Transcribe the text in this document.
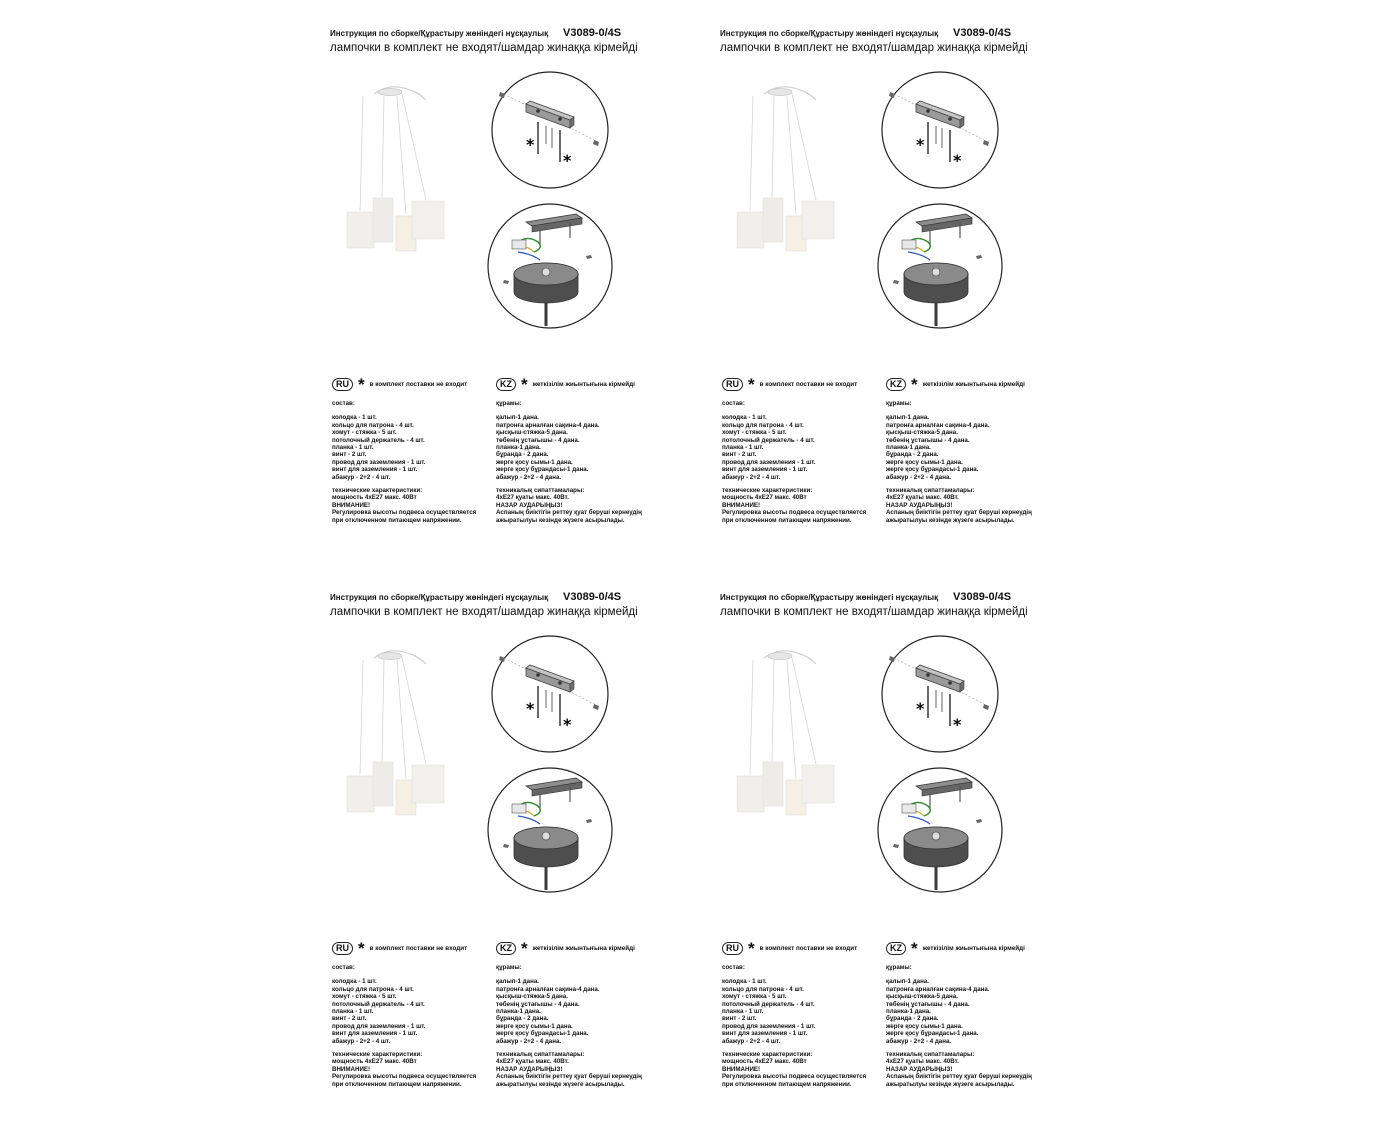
Инструкция по сборке/Құрастыру жөніндегі нұсқаулық V3089-0/4S
лампочки в комплект не входят/шамдар жинаққа кірмейді
*
*
RU * в комплект поставки не входит	KZ * жеткізілім жиынтығына кірмейді
состав:
колодка - 1 шт.
кольцо для патрона - 4 шт.
хомут - стяжка - 5 шт.
потолочный держатель - 4 шт.
планка - 1 шт.
винт - 2 шт.
провод для заземления - 1 шт.
винт для заземления - 1 шт.
абажур - 2+2 - 4 шт.
технические характеристики:
мощность 4хЕ27 макс. 40Вт
ВНИМАНИЕ!
Регулировка высоты подвеса осуществляется
при отключенном питающем напряжении.
құрамы:
қалып-1 дана.
патронға арналған сақина-4 дана.
қысқыш-стяжка-5 дана.
төбенің ұстағышы - 4 дана.
планка-1 дана.
бұранда - 2 дана.
жерге қосу сымы-1 дана.
жерге қосу бұрандасы-1 дана.
абажур - 2+2 - 4 дана.
техникалық сипаттамалары:
4хЕ27 қуаты макс. 40Вт.
НАЗАР АУДАРЫҢЫЗ!
Аспаның биіктігін реттеу қуат беруші кернеудің
ажыратылуы кезінде жүзеге асырылады.
Инструкция по сборке/Құрастыру жөніндегі нұсқаулық V3089-0/4S
лампочки в комплект не входят/шамдар жинаққа кірмейді
*
*
RU * в комплект поставки не входит	KZ * жеткізілім жиынтығына кірмейді
состав:
колодка - 1 шт.
кольцо для патрона - 4 шт.
хомут - стяжка - 5 шт.
потолочный держатель - 4 шт.
планка - 1 шт.
винт - 2 шт.
провод для заземления - 1 шт.
винт для заземления - 1 шт.
абажур - 2+2 - 4 шт.
технические характеристики:
мощность 4хЕ27 макс. 40Вт
ВНИМАНИЕ!
Регулировка высоты подвеса осуществляется
при отключенном питающем напряжении.
құрамы:
қалып-1 дана.
патронға арналған сақина-4 дана.
қысқыш-стяжка-5 дана.
төбенің ұстағышы - 4 дана.
планка-1 дана.
бұранда - 2 дана.
жерге қосу сымы-1 дана.
жерге қосу бұрандасы-1 дана.
абажур - 2+2 - 4 дана.
техникалық сипаттамалары:
4хЕ27 қуаты макс. 40Вт.
НАЗАР АУДАРЫҢЫЗ!
Аспаның биіктігін реттеу қуат беруші кернеудің
ажыратылуы кезінде жүзеге асырылады.
Инструкция по сборке/Құрастыру жөніндегі нұсқаулық V3089-0/4S
лампочки в комплект не входят/шамдар жинаққа кірмейді
*
*
RU * в комплект поставки не входит	KZ * жеткізілім жиынтығына кірмейді
состав:
колодка - 1 шт.
кольцо для патрона - 4 шт.
хомут - стяжка - 5 шт.
потолочный держатель - 4 шт.
планка - 1 шт.
винт - 2 шт.
провод для заземления - 1 шт.
винт для заземления - 1 шт.
абажур - 2+2 - 4 шт.
технические характеристики:
мощность 4хЕ27 макс. 40Вт
ВНИМАНИЕ!
Регулировка высоты подвеса осуществляется
при отключенном питающем напряжении.
құрамы:
қалып-1 дана.
патронға арналған сақина-4 дана.
қысқыш-стяжка-5 дана.
төбенің ұстағышы - 4 дана.
планка-1 дана.
бұранда - 2 дана.
жерге қосу сымы-1 дана.
жерге қосу бұрандасы-1 дана.
абажур - 2+2 - 4 дана.
техникалық сипаттамалары:
4хЕ27 қуаты макс. 40Вт.
НАЗАР АУДАРЫҢЫЗ!
Аспаның биіктігін реттеу қуат беруші кернеудің
ажыратылуы кезінде жүзеге асырылады.
Инструкция по сборке/Құрастыру жөніндегі нұсқаулық V3089-0/4S
лампочки в комплект не входят/шамдар жинаққа кірмейді
*
*
RU * в комплект поставки не входит	KZ * жеткізілім жиынтығына кірмейді
состав:
колодка - 1 шт.
кольцо для патрона - 4 шт.
хомут - стяжка - 5 шт.
потолочный держатель - 4 шт.
планка - 1 шт.
винт - 2 шт.
провод для заземления - 1 шт.
винт для заземления - 1 шт.
абажур - 2+2 - 4 шт.
технические характеристики:
мощность 4хЕ27 макс. 40Вт
ВНИМАНИЕ!
Регулировка высоты подвеса осуществляется
при отключенном питающем напряжении.
құрамы:
қалып-1 дана.
патронға арналған сақина-4 дана.
қысқыш-стяжка-5 дана.
төбенің ұстағышы - 4 дана.
планка-1 дана.
бұранда - 2 дана.
жерге қосу сымы-1 дана.
жерге қосу бұрандасы-1 дана.
абажур - 2+2 - 4 дана.
техникалық сипаттамалары:
4хЕ27 қуаты макс. 40Вт.
НАЗАР АУДАРЫҢЫЗ!
Аспаның биіктігін реттеу қуат беруші кернеудің
ажыратылуы кезінде жүзеге асырылады.
